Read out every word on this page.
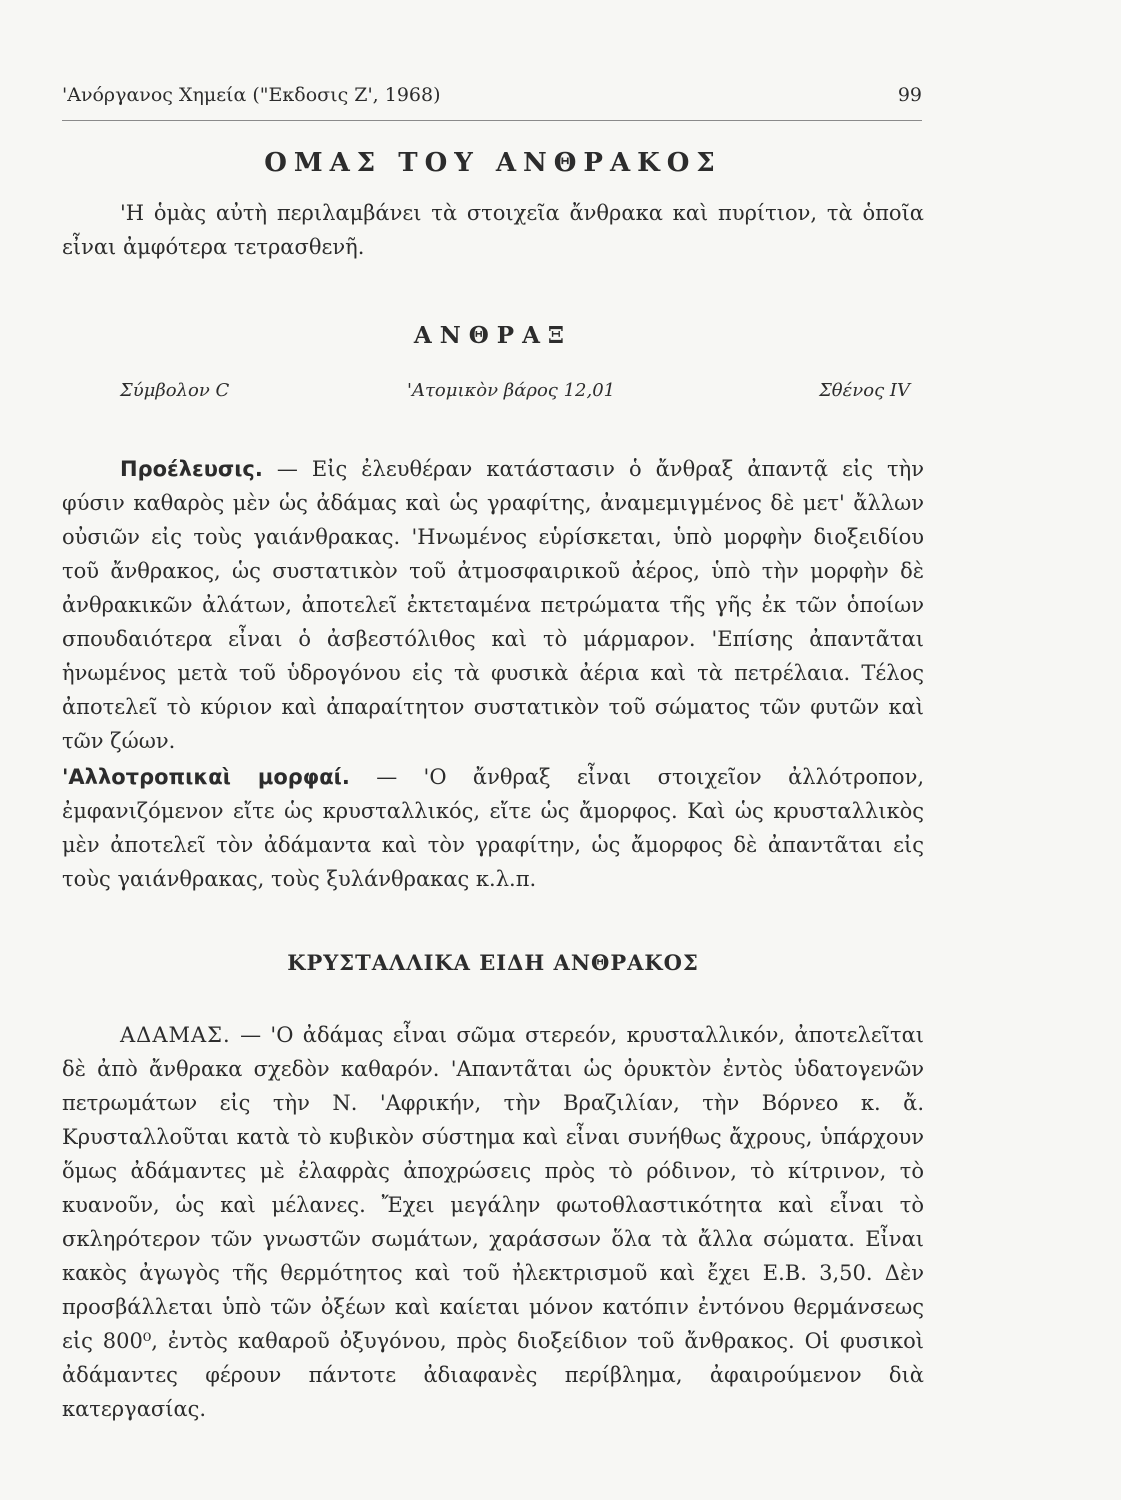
'Ανόργανος Χημεία ("Εκδοσις Ζ', 1968)	99
ΟΜΑΣ ΤΟΥ ΑΝΘΡΑΚΟΣ

'Η ὁμὰς αὐτὴ περιλαμβάνει τὰ στοιχεῖα ἄνθρακα καὶ πυρίτιον, τὰ ὁποῖα εἶναι ἀμφότερα τετρασθενῆ.

ΑΝΘΡΑΞ
Σύμβολον C	'Ατομικὸν βάρος 12,01	Σθένος IV

Προέλευσις. — Εἰς ἐλευθέραν κατάστασιν ὁ ἄνθραξ ἀπαντᾷ εἰς τὴν φύσιν καθαρὸς μὲν ὡς ἀδάμας καὶ ὡς γραφίτης, ἀναμεμιγμένος δὲ μετ' ἄλλων οὐσιῶν εἰς τοὺς γαιάνθρακας. 'Ηνωμένος εὑρίσκεται, ὑπὸ μορφὴν διοξειδίου τοῦ ἄνθρακος, ὡς συστατικὸν τοῦ ἀτμοσφαιρικοῦ ἀέρος, ὑπὸ τὴν μορφὴν δὲ ἀνθρακικῶν ἀλάτων, ἀποτελεῖ ἐκτεταμένα πετρώματα τῆς γῆς ἐκ τῶν ὁποίων σπουδαιότερα εἶναι ὁ ἀσβεστόλιθος καὶ τὸ μάρμαρον. 'Επίσης ἀπαντᾶται ἡνωμένος μετὰ τοῦ ὑδρογόνου εἰς τὰ φυσικὰ ἀέρια καὶ τὰ πετρέλαια. Τέλος ἀποτελεῖ τὸ κύριον καὶ ἀπαραίτητον συστατικὸν τοῦ σώματος τῶν φυτῶν καὶ τῶν ζώων.

'Αλλοτροπικαὶ μορφαί. — 'Ο ἄνθραξ εἶναι στοιχεῖον ἀλλότροπον, ἐμφανιζόμενον εἴτε ὡς κρυσταλλικός, εἴτε ὡς ἄμορφος. Καὶ ὡς κρυσταλλικὸς μὲν ἀποτελεῖ τὸν ἀδάμαντα καὶ τὸν γραφίτην, ὡς ἄμορφος δὲ ἀπαντᾶται εἰς τοὺς γαιάνθρακας, τοὺς ξυλάνθρακας κ.λ.π.

ΚΡΥΣΤΑΛΛΙΚΑ ΕΙΔΗ ΑΝΘΡΑΚΟΣ

ΑΔΑΜΑΣ. — 'Ο ἀδάμας εἶναι σῶμα στερεόν, κρυσταλλικόν, ἀποτελεῖται δὲ ἀπὸ ἄνθρακα σχεδὸν καθαρόν. 'Απαντᾶται ὡς ὀρυκτὸν ἐντὸς ὑδατογενῶν πετρωμάτων εἰς τὴν Ν. 'Αφρικήν, τὴν Βραζιλίαν, τὴν Βόρνεο κ. ἄ. Κρυσταλλοῦται κατὰ τὸ κυβικὸν σύστημα καὶ εἶναι συνήθως ἄχρους, ὑπάρχουν ὅμως ἀδάμαντες μὲ ἐλαφρὰς ἀποχρώσεις πρὸς τὸ ρόδινον, τὸ κίτρινον, τὸ κυανοῦν, ὡς καὶ μέλανες. Ἔχει μεγάλην φωτοθλαστικότητα καὶ εἶναι τὸ σκληρότερον τῶν γνωστῶν σωμάτων, χαράσσων ὅλα τὰ ἄλλα σώματα. Εἶναι κακὸς ἀγωγὸς τῆς θερμότητος καὶ τοῦ ἠλεκτρισμοῦ καὶ ἔχει Ε.Β. 3,50. Δὲν προσβάλλεται ὑπὸ τῶν ὀξέων καὶ καίεται μόνον κατόπιν ἐντόνου θερμάνσεως εἰς 800⁰, ἐντὸς καθαροῦ ὀξυγόνου, πρὸς διοξείδιον τοῦ ἄνθρακος. Οἱ φυσικοὶ ἀδάμαντες φέρουν πάντοτε ἀδιαφανὲς περίβλημα, ἀφαιρούμενον διὰ κατεργασίας.
